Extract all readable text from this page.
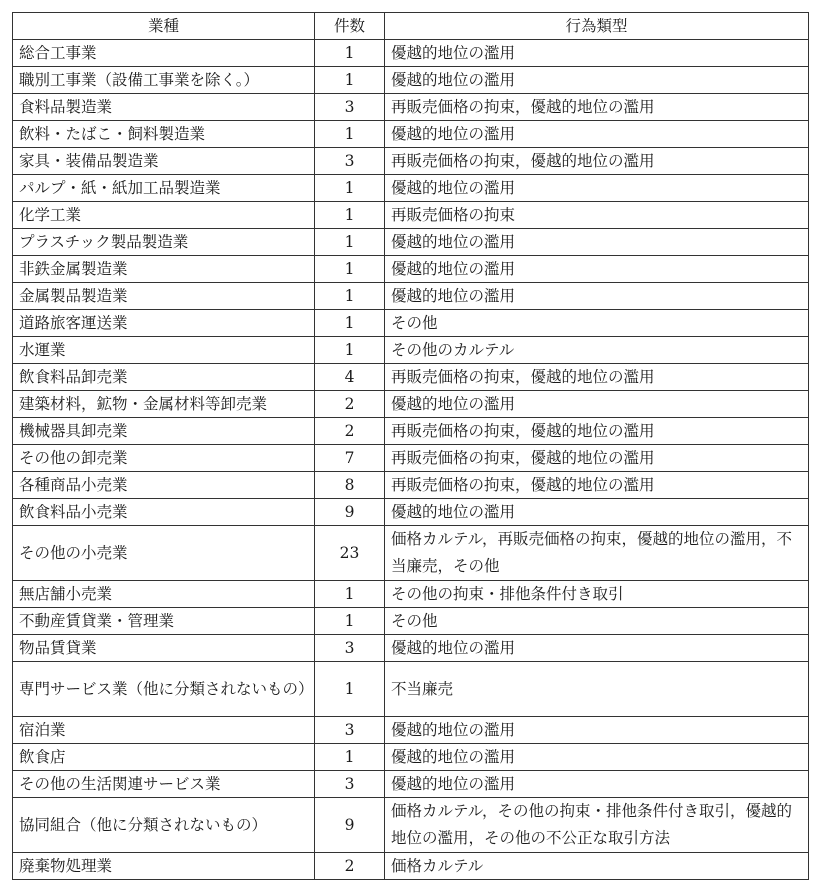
業種	件数	行為類型
総合工事業	1	優越的地位の濫用
職別工事業（設備工事業を除く。）	1	優越的地位の濫用
食料品製造業	3	再販売価格の拘束，優越的地位の濫用
飲料・たばこ・飼料製造業	1	優越的地位の濫用
家具・装備品製造業	3	再販売価格の拘束，優越的地位の濫用
パルプ・紙・紙加工品製造業	1	優越的地位の濫用
化学工業	1	再販売価格の拘束
プラスチック製品製造業	1	優越的地位の濫用
非鉄金属製造業	1	優越的地位の濫用
金属製品製造業	1	優越的地位の濫用
道路旅客運送業	1	その他
水運業	1	その他のカルテル
飲食料品卸売業	4	再販売価格の拘束，優越的地位の濫用
建築材料，鉱物・金属材料等卸売業	2	優越的地位の濫用
機械器具卸売業	2	再販売価格の拘束，優越的地位の濫用
その他の卸売業	7	再販売価格の拘束，優越的地位の濫用
各種商品小売業	8	再販売価格の拘束，優越的地位の濫用
飲食料品小売業	9	優越的地位の濫用
その他の小売業	23	価格カルテル，再販売価格の拘束，優越的地位の濫用，不当廉売，その他
無店舗小売業	1	その他の拘束・排他条件付き取引
不動産賃貸業・管理業	1	その他
物品賃貸業	3	優越的地位の濫用
専門サービス業（他に分類されないもの）	1	不当廉売
宿泊業	3	優越的地位の濫用
飲食店	1	優越的地位の濫用
その他の生活関連サービス業	3	優越的地位の濫用
協同組合（他に分類されないもの）	9	価格カルテル，その他の拘束・排他条件付き取引，優越的地位の濫用，その他の不公正な取引方法
廃棄物処理業	2	価格カルテル
